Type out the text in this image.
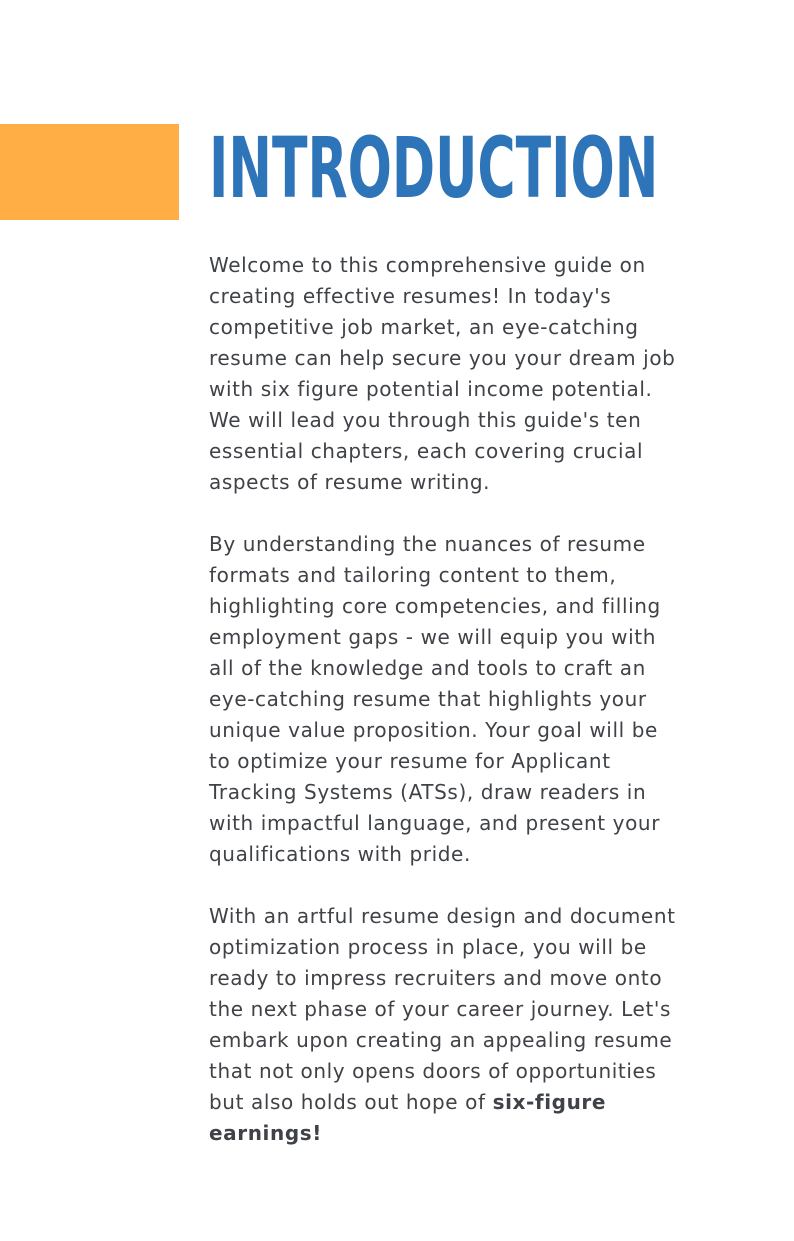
INTRODUCTION

Welcome to this comprehensive guide on
creating effective resumes! In today's
competitive job market, an eye-catching
resume can help secure you your dream job
with six figure potential income potential.
We will lead you through this guide's ten
essential chapters, each covering crucial
aspects of resume writing.

By understanding the nuances of resume
formats and tailoring content to them,
highlighting core competencies, and filling
employment gaps - we will equip you with
all of the knowledge and tools to craft an
eye-catching resume that highlights your
unique value proposition. Your goal will be
to optimize your resume for Applicant
Tracking Systems (ATSs), draw readers in
with impactful language, and present your
qualifications with pride.

With an artful resume design and document
optimization process in place, you will be
ready to impress recruiters and move onto
the next phase of your career journey. Let's
embark upon creating an appealing resume
that not only opens doors of opportunities
but also holds out hope of six-figure
earnings!
